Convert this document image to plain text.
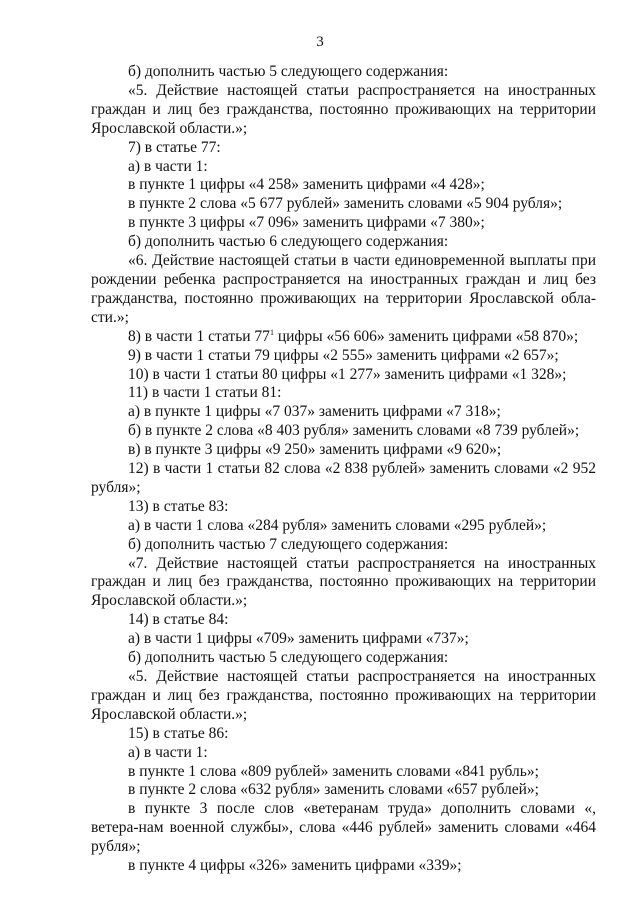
3

б) дополнить частью 5 следующего содержания:

«5. Действие настоящей статьи распространяется на иностранных граждан и лиц без гражданства, постоянно проживающих на территории Ярославской области.»;

7) в статье 77:

а) в части 1:

в пункте 1 цифры «4 258» заменить цифрами «4 428»;

в пункте 2 слова «5 677 рублей» заменить словами «5 904 рубля»;

в пункте 3 цифры «7 096» заменить цифрами «7 380»;

б) дополнить частью 6 следующего содержания:

«6. Действие настоящей статьи в части единовременной выплаты при рождении ребенка распространяется на иностранных граждан и лиц без гражданства, постоянно проживающих на территории Ярославской обла-сти.»;

8) в части 1 статьи $77^1$ цифры «56 606» заменить цифрами «58 870»;

9) в части 1 статьи 79 цифры «2 555» заменить цифрами «2 657»;

10) в части 1 статьи 80 цифры «1 277» заменить цифрами «1 328»;

11) в части 1 статьи 81:

а) в пункте 1 цифры «7 037» заменить цифрами «7 318»;

б) в пункте 2 слова «8 403 рубля» заменить словами «8 739 рублей»;

в) в пункте 3 цифры «9 250» заменить цифрами «9 620»;

12) в части 1 статьи 82 слова «2 838 рублей» заменить словами «2 952 рубля»;

13) в статье 83:

а) в части 1 слова «284 рубля» заменить словами «295 рублей»;

б) дополнить частью 7 следующего содержания:

«7. Действие настоящей статьи распространяется на иностранных граждан и лиц без гражданства, постоянно проживающих на территории Ярославской области.»;

14) в статье 84:

а) в части 1 цифры «709» заменить цифрами «737»;

б) дополнить частью 5 следующего содержания:

«5. Действие настоящей статьи распространяется на иностранных граждан и лиц без гражданства, постоянно проживающих на территории Ярославской области.»;

15) в статье 86:

а) в части 1:

в пункте 1 слова «809 рублей» заменить словами «841 рубль»;

в пункте 2 слова «632 рубля» заменить словами «657 рублей»;

в пункте 3 после слов «ветеранам труда» дополнить словами «, ветера-нам военной службы», слова «446 рублей» заменить словами «464 рубля»;

в пункте 4 цифры «326» заменить цифрами «339»;
